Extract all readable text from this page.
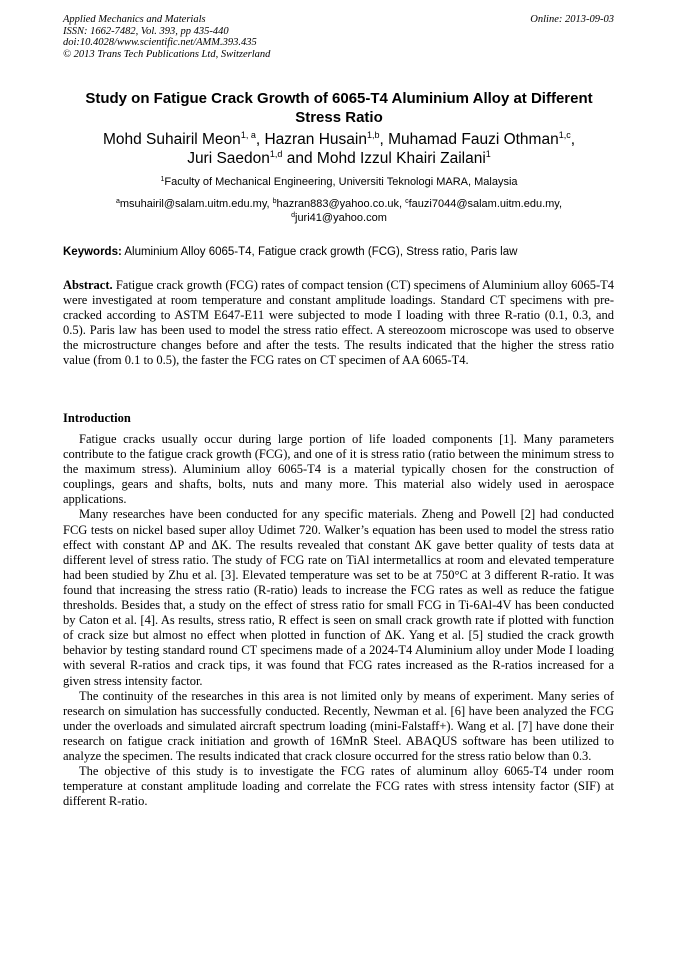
Applied Mechanics and Materials
ISSN: 1662-7482, Vol. 393, pp 435-440
doi:10.4028/www.scientific.net/AMM.393.435
© 2013 Trans Tech Publications Ltd, Switzerland
Online: 2013-09-03
Study on Fatigue Crack Growth of 6065-T4 Aluminium Alloy at Different
Stress Ratio
Mohd Suhairil Meon$^{1, a}$, Hazran Husain$^{1,b}$, Muhamad Fauzi Othman$^{1,c}$,
Juri Saedon$^{1,d}$ and Mohd Izzul Khairi Zailani$^1$
$^1$Faculty of Mechanical Engineering, Universiti Teknologi MARA, Malaysia
$^a$msuhairil@salam.uitm.edu.my, $^b$hazran883@yahoo.co.uk, $^c$fauzi7044@salam.uitm.edu.my,
$^d$juri41@yahoo.com
Keywords: Aluminium Alloy 6065-T4, Fatigue crack growth (FCG), Stress ratio, Paris law

Abstract. Fatigue crack growth (FCG) rates of compact tension (CT) specimens of Aluminium alloy 6065-T4 were investigated at room temperature and constant amplitude loadings. Standard CT specimens with pre-cracked according to ASTM E647-E11 were subjected to mode I loading with three R-ratio (0.1, 0.3, and 0.5). Paris law has been used to model the stress ratio effect. A stereozoom microscope was used to observe the microstructure changes before and after the tests. The results indicated that the higher the stress ratio value (from 0.1 to 0.5), the faster the FCG rates on CT specimen of AA 6065-T4.

Introduction

Fatigue cracks usually occur during large portion of life loaded components [1]. Many parameters contribute to the fatigue crack growth (FCG), and one of it is stress ratio (ratio between the minimum stress to the maximum stress). Aluminium alloy 6065-T4 is a material typically chosen for the construction of couplings, gears and shafts, bolts, nuts and many more. This material also widely used in aerospace applications.

Many researches have been conducted for any specific materials. Zheng and Powell [2] had conducted FCG tests on nickel based super alloy Udimet 720. Walker’s equation has been used to model the stress ratio effect with constant ΔP and ΔK. The results revealed that constant ΔK gave better quality of tests data at different level of stress ratio. The study of FCG rate on TiAl intermetallics at room and elevated temperature had been studied by Zhu et al. [3]. Elevated temperature was set to be at 750°C at 3 different R-ratio. It was found that increasing the stress ratio (R-ratio) leads to increase the FCG rates as well as reduce the fatigue thresholds. Besides that, a study on the effect of stress ratio for small FCG in Ti-6Al-4V has been conducted by Caton et al. [4]. As results, stress ratio, R effect is seen on small crack growth rate if plotted with function of crack size but almost no effect when plotted in function of ΔK. Yang et al. [5] studied the crack growth behavior by testing standard round CT specimens made of a 2024-T4 Aluminium alloy under Mode I loading with several R-ratios and crack tips, it was found that FCG rates increased as the R-ratios increased for a given stress intensity factor.

The continuity of the researches in this area is not limited only by means of experiment. Many series of research on simulation has successfully conducted. Recently, Newman et al. [6] have been analyzed the FCG under the overloads and simulated aircraft spectrum loading (mini-Falstaff+). Wang et al. [7] have done their research on fatigue crack initiation and growth of 16MnR Steel. ABAQUS software has been utilized to analyze the specimen. The results indicated that crack closure occurred for the stress ratio below than 0.3.

The objective of this study is to investigate the FCG rates of aluminum alloy 6065-T4 under room temperature at constant amplitude loading and correlate the FCG rates with stress intensity factor (SIF) at different R-ratio.
